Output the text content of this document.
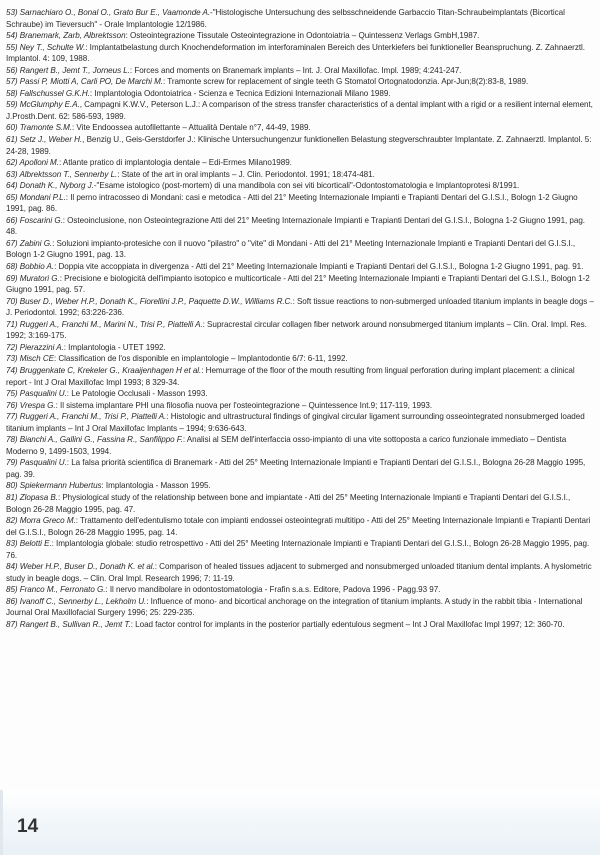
53) Sarnachiaro O., Bonal O., Grato Bur E., Vaamonde A.-"Histologische Untersuchung des selbsschneidende Garbaccio Titan-Schraubeimplantats (Bicortical Schraube) im Tieversuch" - Orale Implantologie 12/1986.

54) Branemark, Zarb, Albrektsson: Osteointegrazione Tissutale Osteointegrazione in Odontoiatria – Quintessenz Verlags GmbH,1987.

55) Ney T., Schulte W.: Implantatbelastung durch Knochendeformation im interforaminalen Bereich des Unterkiefers bei funktioneller Beanspruchung. Z. Zahnaerztl. Implantol. 4: 109, 1988.

56) Rangert B., Jemt T., Jorneus L.: Forces and moments on Branemark implants – Int. J. Oral Maxillofac. Impl. 1989; 4:241-247.

57) Passi P, Miotti A, Carli PO, De Marchi M.: Tramonte screw for replacement of single teeth G Stomatol Ortognatodonzia. Apr-Jun;8(2):83-8, 1989.

58) Fallschussel G.K.H.: Implantologia Odontoiatrica - Scienza e Tecnica Edizioni Internazionali Milano 1989.

59) McGlumphy E.A., Campagni K.W.V., Peterson L.J.: A comparison of the stress transfer characteristics of a dental implant with a rigid or a resilient internal element, J.Prosth.Dent. 62: 586-593, 1989.

60) Tramonte S.M.: Vite Endoossea autofilettante – Attualità Dentale n°7, 44-49, 1989.

61) Setz J., Weber H., Benzig U., Geis-Gerstdorfer J.: Klinische Untersuchungenzur funktionellen Belastung stegverschraubter Implantate. Z. Zahnaerztl. Implantol. 5: 24-28, 1989.

62) Apolloni M.: Atlante pratico di implantologia dentale – Edi-Ermes Milano1989.

63) Albrektsson T., Sennerby L.: State of the art in oral implants – J. Clin. Periodontol. 1991; 18:474-481.

64) Donath K., Nyborg J.-"Esame istologico (post-mortem) di una mandibola con sei viti bicorticali"-Odontostomatologia e Implantoprotesi 8/1991.

65) Mondani P.L.: Il perno intracosseo di Mondani: casi e metodica - Atti del 21° Meeting Internazionale Impianti e Trapianti Dentari del G.I.S.I., Bologn 1-2 Giugno 1991, pag. 86.

66) Foscarini G.: Osteoinclusione, non Osteointegrazione Atti del 21° Meeting Internazionale Impianti e Trapianti Dentari del G.I.S.I., Bologna 1-2 Giugno 1991, pag. 48.

67) Zabini G.: Soluzioni impianto-protesiche con il nuovo "pilastro" o "vite" di Mondani - Atti del 21° Meeting Internazionale Impianti e Trapianti Dentari del G.I.S.I., Bologn 1-2 Giugno 1991, pag. 13.

68) Bobbio A.: Doppia vite accoppiata in divergenza - Atti del 21° Meeting Internazionale Impianti e Trapianti Dentari del G.I.S.I., Bologna 1-2 Giugno 1991, pag. 91.

69) Muratori G.: Precisione e biologicità dell'impianto isotopico e multicorticale - Atti del 21° Meeting Internazionale Impianti e Trapianti Dentari del G.I.S.I., Bologn 1-2 Giugno 1991, pag. 57.

70) Buser D., Weber H.P., Donath K., Fiorellini J.P., Paquette D.W., Williams R.C.: Soft tissue reactions to non-submerged unloaded titanium implants in beagle dogs – J. Periodontol. 1992; 63:226-236.

71) Ruggeri A., Franchi M., Marini N., Trisi P., Piattelli A.: Supracrestal circular collagen fiber network around nonsubmerged titanium implants – Clin. Oral. Impl. Res. 1992; 3:169-175.

72) Pierazzini A.: Implantologia - UTET 1992.

73) Misch CE: Classification de l'os disponible en implantologie – Implantodontie 6/7: 6-11, 1992.

74) Bruggenkate C, Krekeler G., Kraaijenhagen H et al.: Hemurrage of the floor of the mouth resulting from lingual perforation during implant placement: a clinical report - Int J Oral Maxillofac Impl 1993; 8 329-34.

75) Pasqualini U.: Le Patologie Occlusali - Masson 1993.

76) Vrespa G.: Il sistema implantare PHI una filosofia nuova per l'osteointegrazione – Quintessence Int.9; 117-119, 1993.

77) Ruggeri A., Franchi M., Trisi P., Piattelli A.: Histologic and ultrastructural findings of gingival circular ligament surrounding osseointegrated nonsubmerged loaded titanium implants – Int J Oral Maxillofac Implants – 1994; 9:636-643.

78) Bianchi A., Gallini G., Fassina R., Sanfilippo F.: Analisi al SEM dell'interfaccia osso-impianto di una vite sottoposta a carico funzionale immediato – Dentista Moderno 9, 1499-1503, 1994.

79) Pasqualini U.: La falsa priorità scientifica di Branemark - Atti del 25° Meeting Internazionale Impianti e Trapianti Dentari del G.I.S.I., Bologna 26-28 Maggio 1995, pag. 39.

80) Spiekermann Hubertus: Implantologia - Masson 1995.

81) Zlopasa B.: Physiological study of the relationship between bone and impiantate - Atti del 25° Meeting Internazionale Impianti e Trapianti Dentari del G.I.S.I., Bologn 26-28 Maggio 1995, pag. 47.

82) Morra Greco M.: Trattamento dell'edentulismo totale con impianti endossei osteointegrati multitipo - Atti del 25° Meeting Internazionale Impianti e Trapianti Dentari del G.I.S.I., Bologn 26-28 Maggio 1995, pag. 14.

83) Belotti E.: Implantologia globale: studio retrospettivo - Atti del 25° Meeting Internazionale Impianti e Trapianti Dentari del G.I.S.I., Bologn 26-28 Maggio 1995, pag. 76.

84) Weber H.P., Buser D., Donath K. et al.: Comparison of healed tissues adjacent to submerged and nonsubmerged unloaded titanium dental implants. A hyslometric study in beagle dogs. – Clin. Oral Impl. Research 1996; 7: 11-19.

85) Franco M., Ferronato G.: Il nervo mandibolare in odontostomatologia - Frafin s.a.s. Editore, Padova 1996 - Pagg.93 97.

86) Ivanoff C., Sennerby L., Lekholm U.: Influence of mono- and bicortical anchorage on the integration of titanium implants. A study in the rabbit tibia - International Journal Oral Maxillofacial Surgery 1996; 25: 229-235.

87) Rangert B., Sullivan R., Jemt T.: Load factor control for implants in the posterior partially edentulous segment – Int J Oral Maxillofac Impl 1997; 12: 360-70.

14
